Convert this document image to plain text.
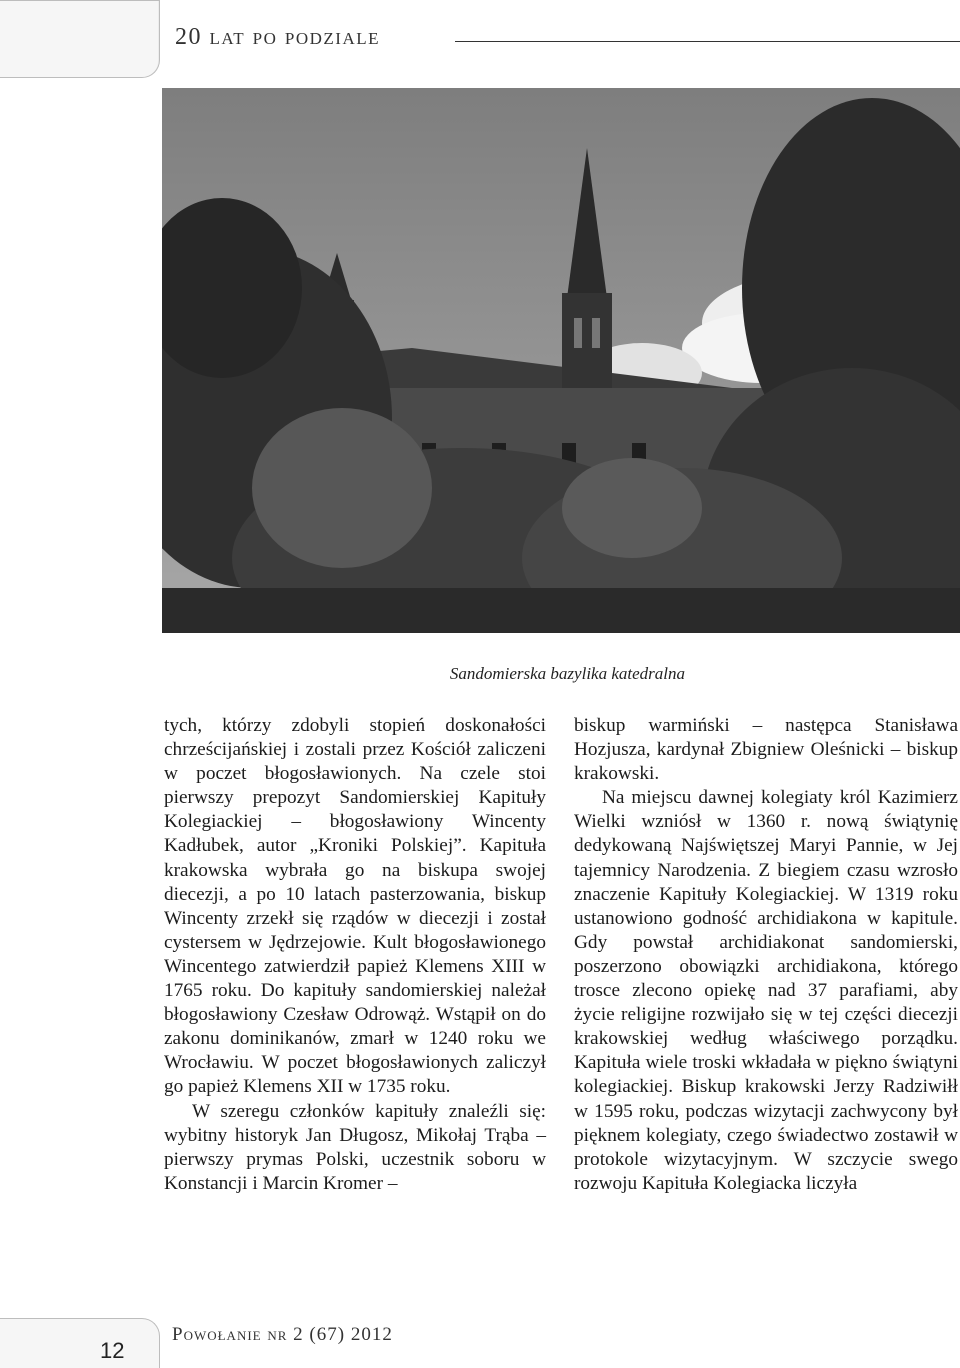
20 lat po podziale
Sandomierska bazylika katedralna

tych, którzy zdobyli stopień doskonałości chrześcijańskiej i zostali przez Kościół zaliczeni w poczet błogosławionych. Na czele stoi pierwszy prepozyt Sandomierskiej Kapituły Kolegiackiej – błogosławiony Wincenty Kadłubek, autor „Kroniki Polskiej”. Kapituła krakowska wybrała go na biskupa swojej diecezji, a po 10 latach pasterzowania, biskup Wincenty zrzekł się rządów w diecezji i został cystersem w Jędrzejowie. Kult błogosławionego Wincentego zatwierdził papież Klemens XIII w 1765 roku. Do kapituły sandomierskiej należał błogosławiony Czesław Odrowąż. Wstąpił on do zakonu dominikanów, zmarł w 1240 roku we Wrocławiu. W poczet błogosławionych zaliczył go papież Klemens XII w 1735 roku.

W szeregu członków kapituły znaleźli się: wybitny historyk Jan Długosz, Mikołaj Trąba – pierwszy prymas Polski, uczestnik soboru w Konstancji i Marcin Kromer –

biskup warmiński – następca Stanisława Hozjusza, kardynał Zbigniew Oleśnicki – biskup krakowski.

Na miejscu dawnej kolegiaty król Kazimierz Wielki wzniósł w 1360 r. nową świątynię dedykowaną Najświętszej Maryi Pannie, w Jej tajemnicy Narodzenia. Z biegiem czasu wzrosło znaczenie Kapituły Kolegiackiej. W 1319 roku ustanowiono godność archidiakona w kapitule. Gdy powstał archidiakonat sandomierski, poszerzono obowiązki archidiakona, którego trosce zlecono opiekę nad 37 parafiami, aby życie religijne rozwijało się w tej części diecezji krakowskiej według właściwego porządku. Kapituła wiele troski wkładała w piękno świątyni kolegiackiej. Biskup krakowski Jerzy Radziwiłł w 1595 roku, podczas wizytacji zachwycony był pięknem kolegiaty, czego świadectwo zostawił w protokole wizytacyjnym. W szczycie swego rozwoju Kapituła Kolegiacka liczyła

Powołanie nr 2 (67) 2012
12
